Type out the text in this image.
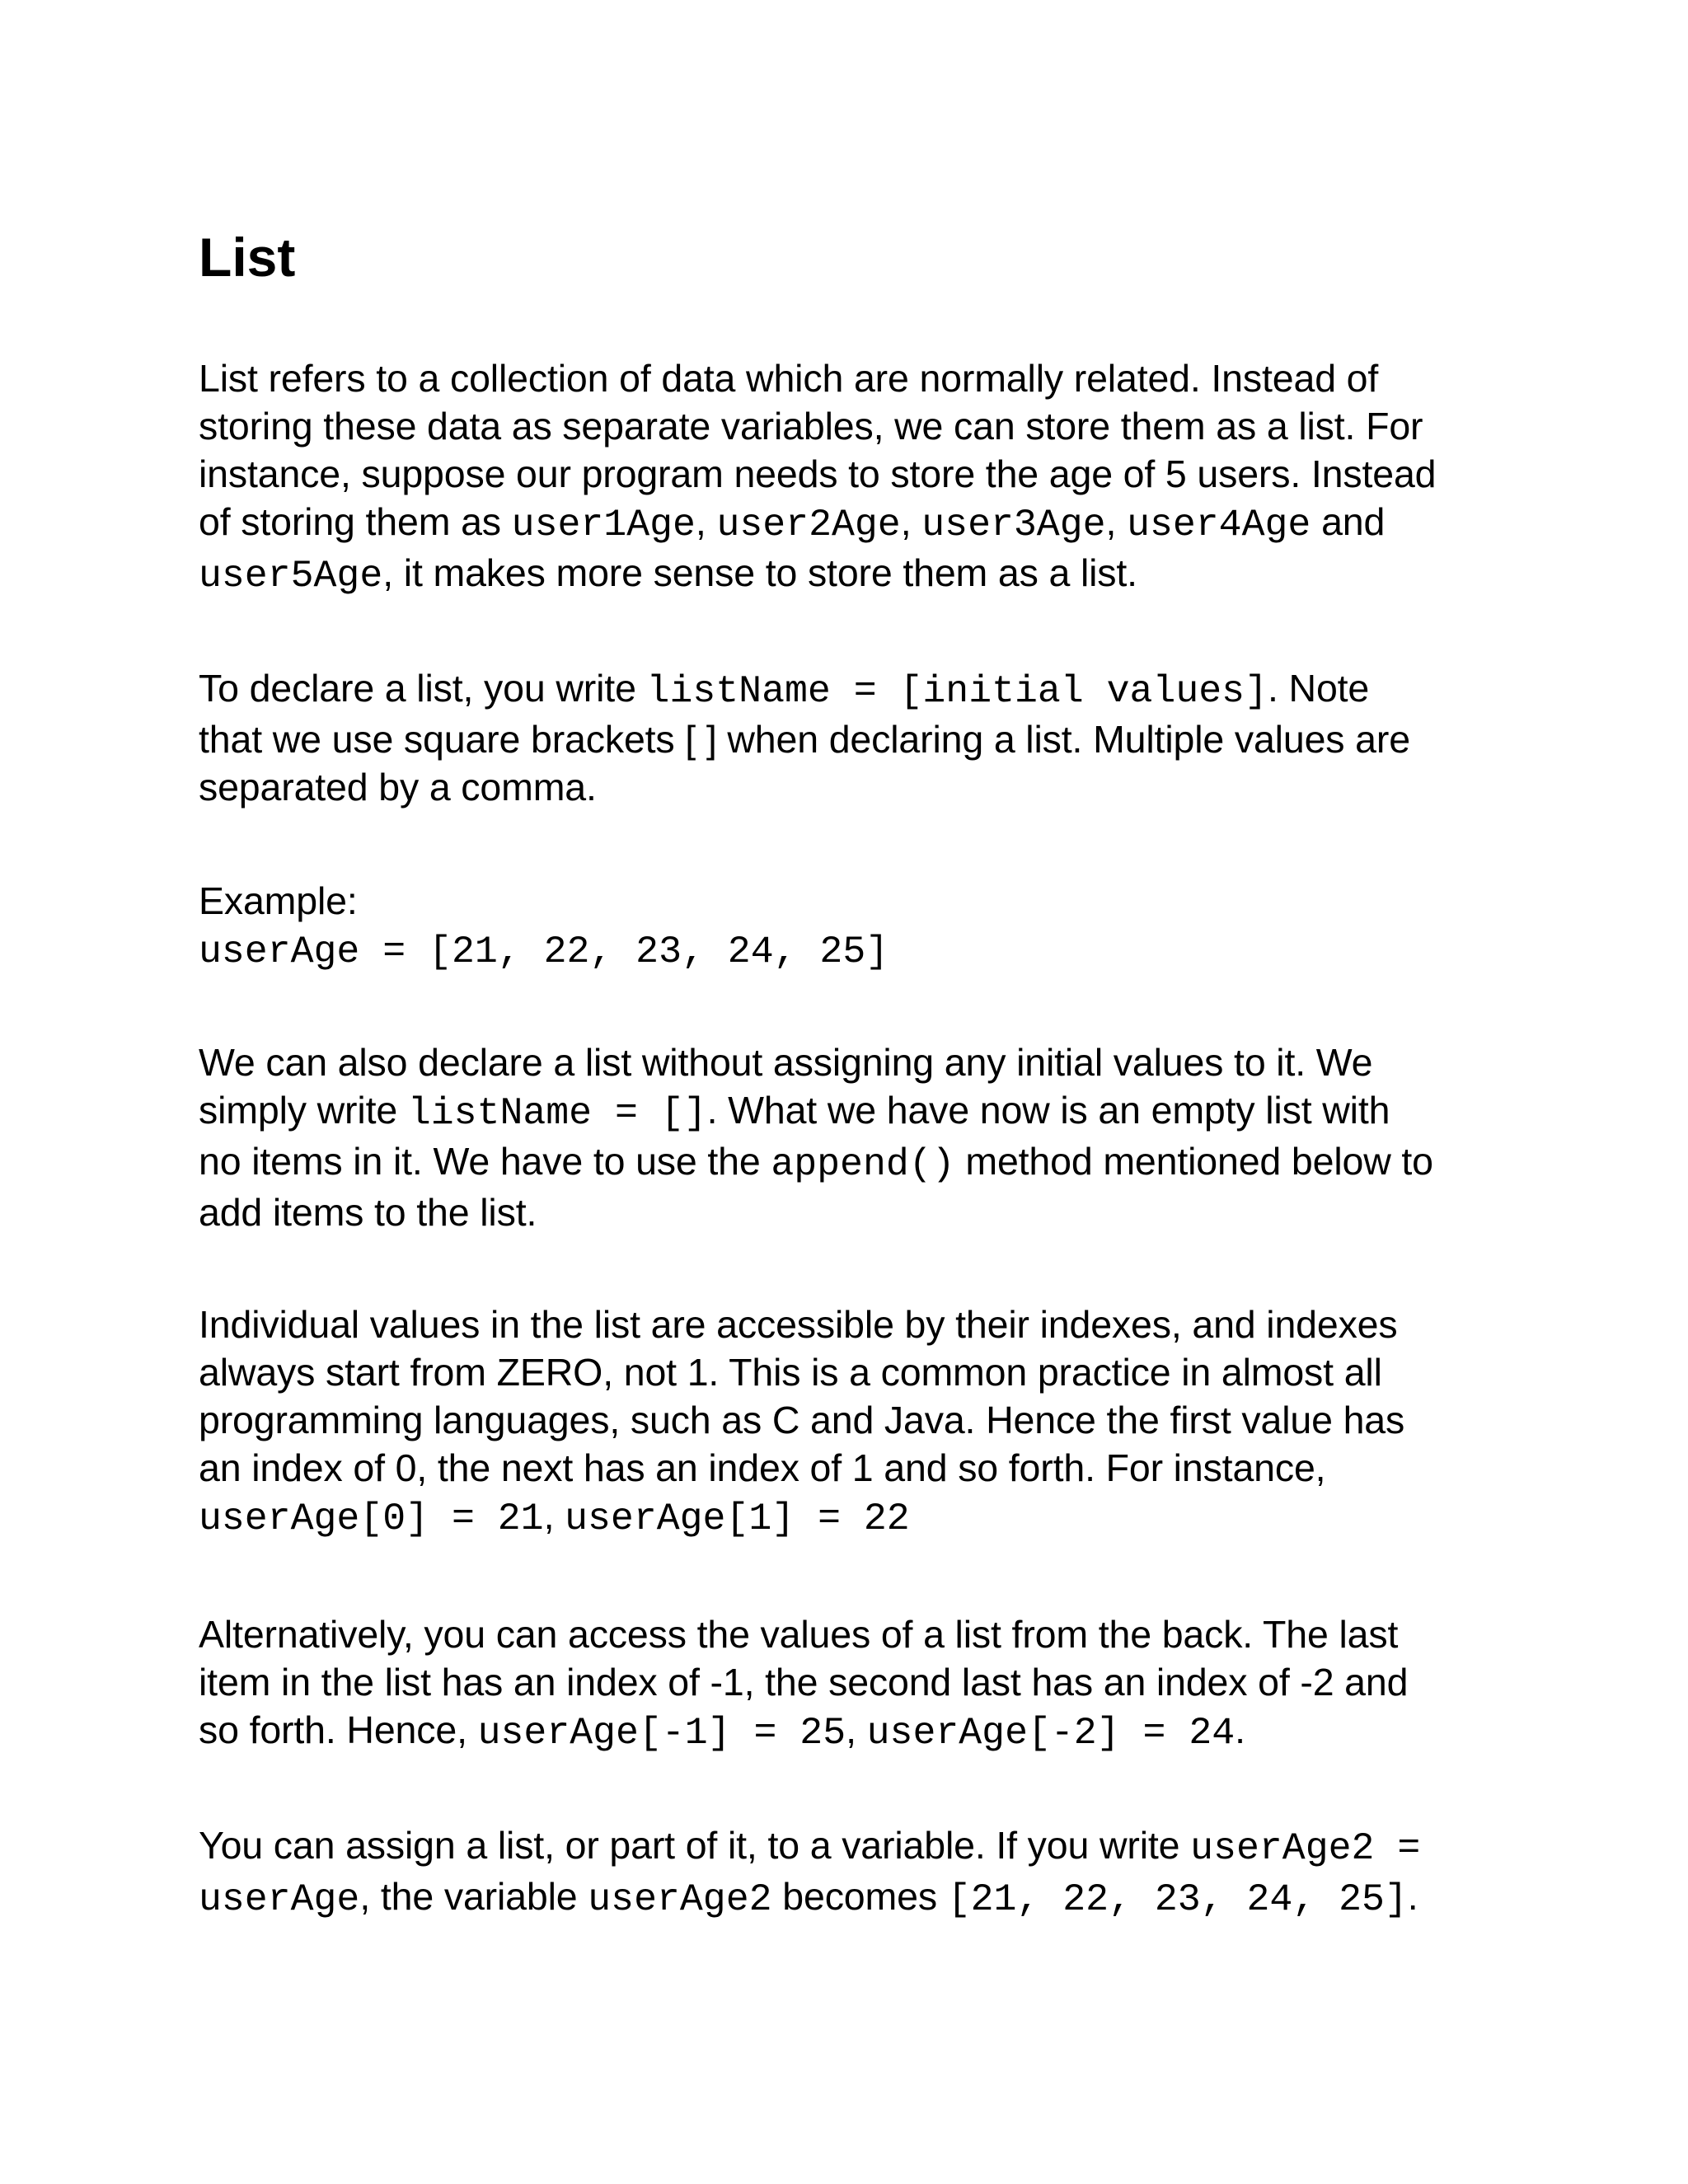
List

List refers to a collection of data which are normally related. Instead of
storing these data as separate variables, we can store them as a list. For
instance, suppose our program needs to store the age of 5 users. Instead
of storing them as user1Age, user2Age, user3Age, user4Age and
user5Age, it makes more sense to store them as a list.

To declare a list, you write listName = [initial values]. Note
that we use square brackets [ ] when declaring a list. Multiple values are
separated by a comma.

Example:
userAge = [21, 22, 23, 24, 25]

We can also declare a list without assigning any initial values to it. We
simply write listName = []. What we have now is an empty list with
no items in it. We have to use the append() method mentioned below to
add items to the list.

Individual values in the list are accessible by their indexes, and indexes
always start from ZERO, not 1. This is a common practice in almost all
programming languages, such as C and Java. Hence the first value has
an index of 0, the next has an index of 1 and so forth. For instance,
userAge[0] = 21, userAge[1] = 22

Alternatively, you can access the values of a list from the back. The last
item in the list has an index of -1, the second last has an index of -2 and
so forth. Hence, userAge[-1] = 25, userAge[-2] = 24.

You can assign a list, or part of it, to a variable. If you write userAge2 =
userAge, the variable userAge2 becomes [21, 22, 23, 24, 25].
